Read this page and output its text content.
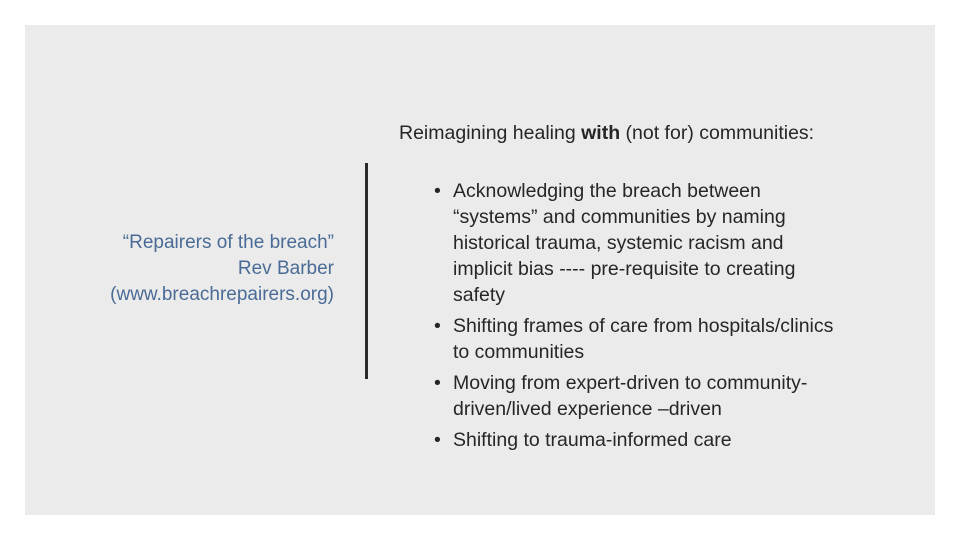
“Repairers of the breach”
Rev Barber
(www.breachrepairers.org)
Reimagining healing with (not for) communities:
• Acknowledging the breach between
“systems” and communities by naming
historical trauma, systemic racism and
implicit bias ---- pre-requisite to creating
safety
• Shifting frames of care from hospitals/clinics
to communities
• Moving from expert-driven to community-
driven/lived experience –driven
• Shifting to trauma-informed care
